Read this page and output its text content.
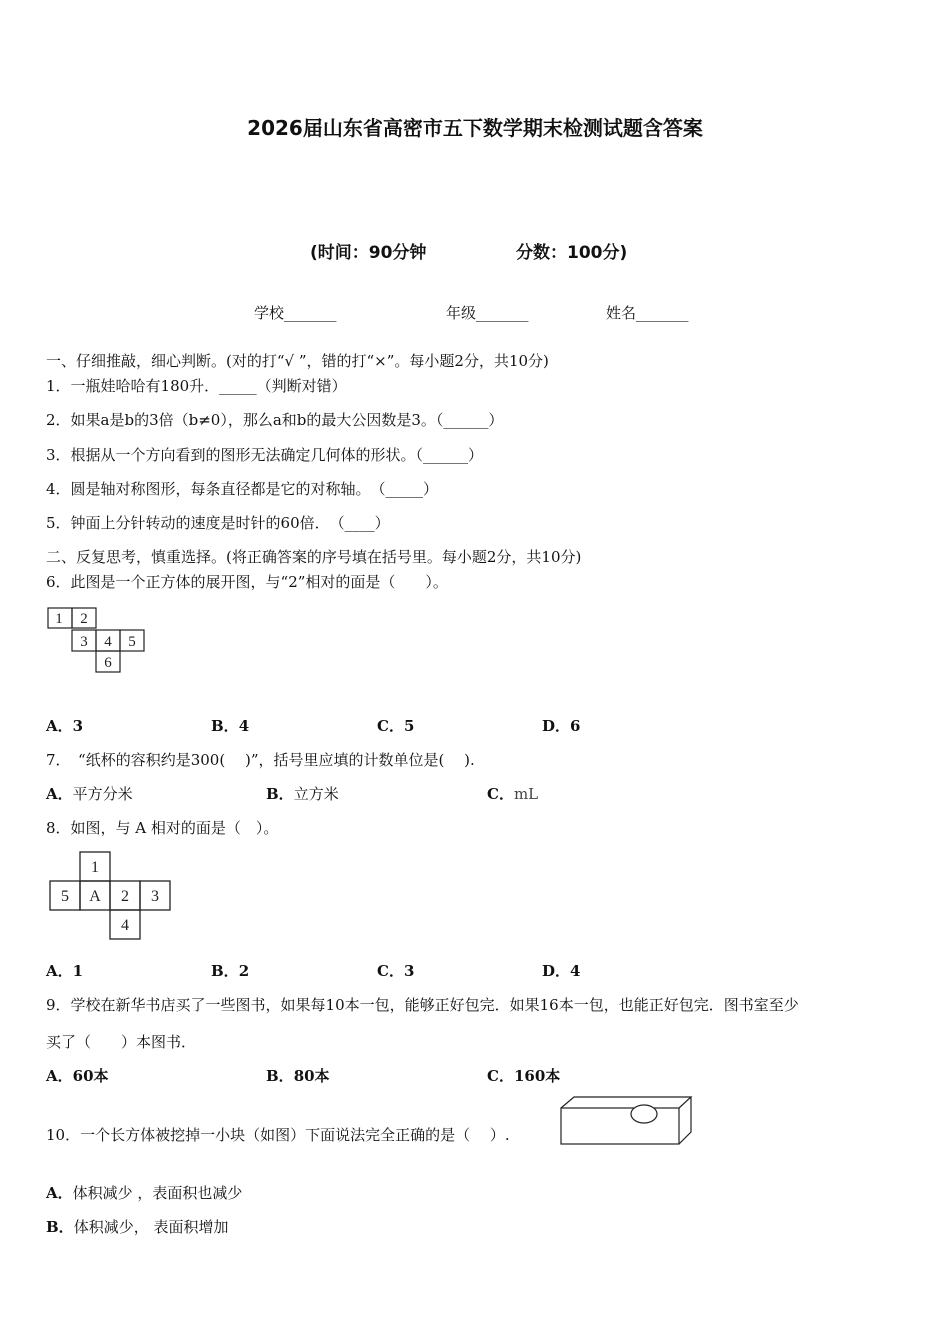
2026届山东省高密市五下数学期末检测试题含答案
(时间：90分钟	分数：100分)
学校_______	年级_______	姓名_______
一、仔细推敲，细心判断。(对的打“√ ”，错的打“×”。每小题2分，共10分)
1．一瓶娃哈哈有180升．_____（判断对错）
2．如果a是b的3倍（b≠0），那么a和b的最大公因数是3。（______）
3．根据从一个方向看到的图形无法确定几何体的形状。（______）
4．圆是轴对称图形，每条直径都是它的对称轴。　（_____）
5．钟面上分针转动的速度是时针的60倍．　（____）
二、反复思考，慎重选择。(将正确答案的序号填在括号里。每小题2分，共10分)
6．此图是一个正方体的展开图，与“2”相对的面是（　　）。
1 2
3 4 5
6
A．3	B．4	C．5	D．6
7．　“纸杯的容积约是300(　 )”，括号里应填的计数单位是(　 ).
A．平方分米	B．立方米	C．mL
8．如图，与 A 相对的面是（　）。
1
5 A 2 3
4
A．1	B．2	C．3	D．4
9．学校在新华书店买了一些图书，如果每10本一包，能够正好包完．如果16本一包，也能正好包完．图书室至少
买了（　　）本图书．
A．60本	B．80本	C．160本
10．一个长方体被挖掉一小块（如图）下面说法完全正确的是（　 ）.
A．体积减少 ，表面积也减少
B．体积减少， 表面积增加
